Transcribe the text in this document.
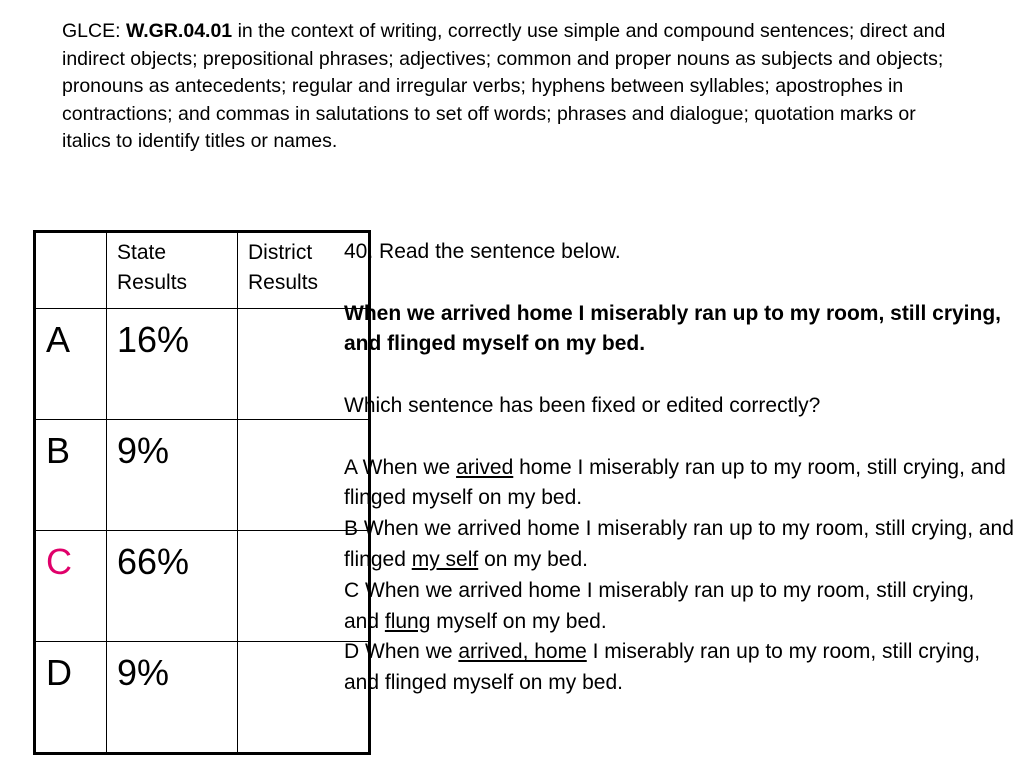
GLCE: W.GR.04.01 in the context of writing, correctly use simple and compound sentences; direct and indirect objects; prepositional phrases; adjectives; common and proper nouns as subjects and objects; pronouns as antecedents; regular and irregular verbs; hyphens between syllables; apostrophes in contractions; and commas in salutations to set off words; phrases and dialogue; quotation marks or italics to identify titles or names.
	State Results	District Results
A	16%	
B	9%	
C	66%	
D	9%	

40. Read the sentence below.

When we arrived home I miserably ran up to my room, still crying, and flinged myself on my bed.

Which sentence has been fixed or edited correctly?

A When we arived home I miserably ran up to my room, still crying, and flinged myself on my bed.

B When we arrived home I miserably ran up to my room, still crying, and flinged my self on my bed.

C When we arrived home I miserably ran up to my room, still crying, and flung myself on my bed.

D When we arrived, home I miserably ran up to my room, still crying, and flinged myself on my bed.
